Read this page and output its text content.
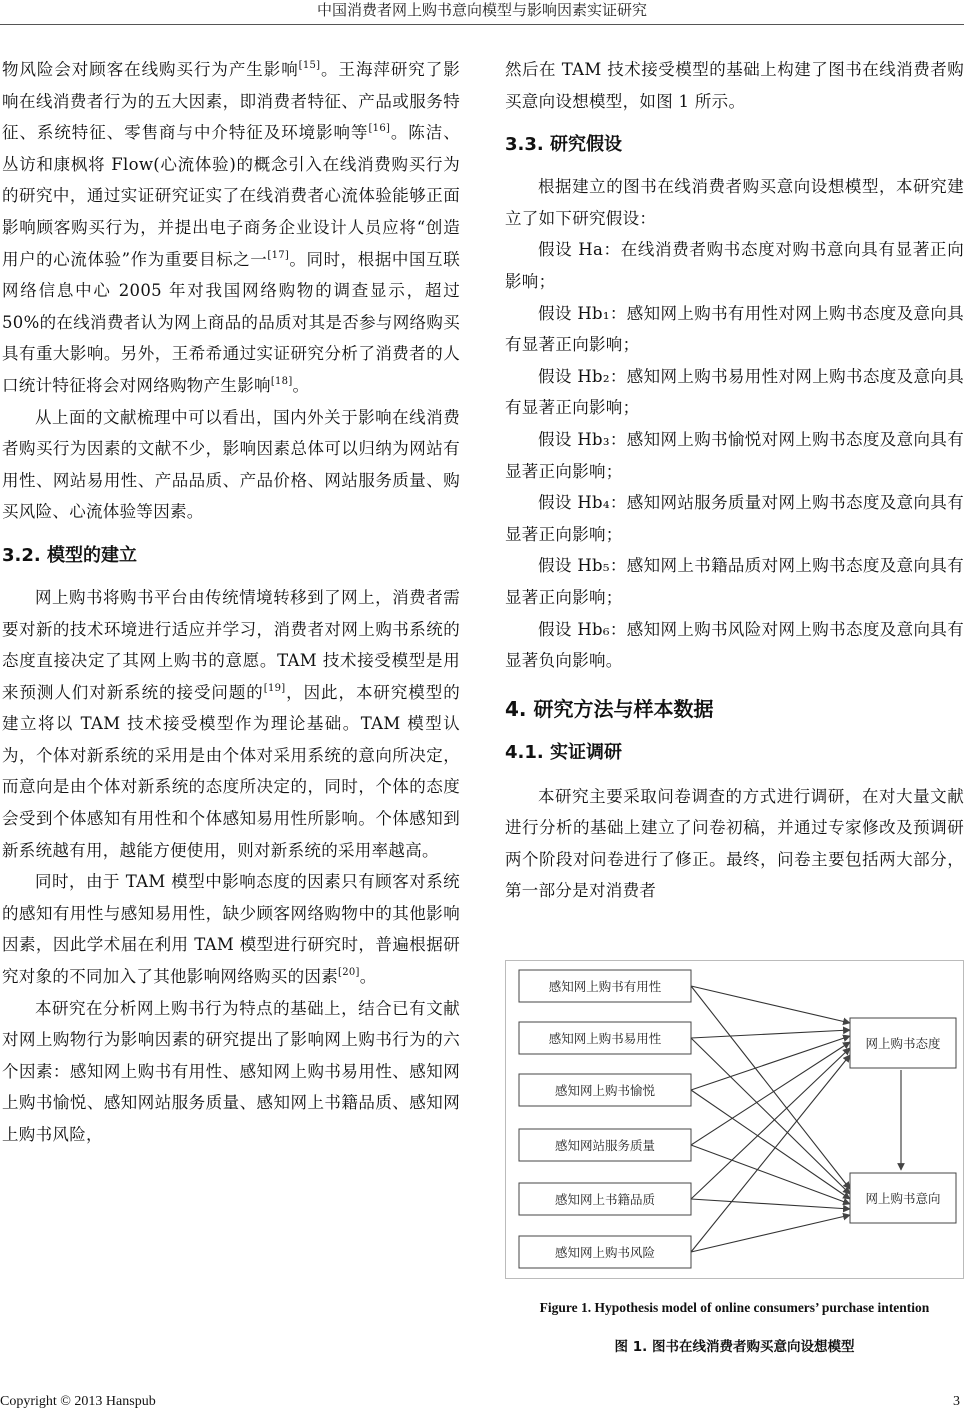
中国消费者网上购书意向模型与影响因素实证研究

物风险会对顾客在线购买行为产生影响[15]。王海萍研究了影响在线消费者行为的五大因素，即消费者特征、产品或服务特征、系统特征、零售商与中介特征及环境影响等[16]。陈洁、丛访和康枫将 Flow(心流体验)的概念引入在线消费购买行为的研究中，通过实证研究证实了在线消费者心流体验能够正面影响顾客购买行为，并提出电子商务企业设计人员应将“创造用户的心流体验”作为重要目标之一[17]。同时，根据中国互联网络信息中心 2005 年对我国网络购物的调查显示，超过 50%的在线消费者认为网上商品的品质对其是否参与网络购买具有重大影响。另外，王希希通过实证研究分析了消费者的人口统计特征将会对网络购物产生影响[18]。

从上面的文献梳理中可以看出，国内外关于影响在线消费者购买行为因素的文献不少，影响因素总体可以归纳为网站有用性、网站易用性、产品品质、产品价格、网站服务质量、购买风险、心流体验等因素。

3.2. 模型的建立

网上购书将购书平台由传统情境转移到了网上，消费者需要对新的技术环境进行适应并学习，消费者对网上购书系统的态度直接决定了其网上购书的意愿。TAM 技术接受模型是用来预测人们对新系统的接受问题的[19]，因此，本研究模型的建立将以 TAM 技术接受模型作为理论基础。TAM 模型认为，个体对新系统的采用是由个体对采用系统的意向所决定，而意向是由个体对新系统的态度所决定的，同时，个体的态度会受到个体感知有用性和个体感知易用性所影响。个体感知到新系统越有用，越能方便使用，则对新系统的采用率越高。

同时，由于 TAM 模型中影响态度的因素只有顾客对系统的感知有用性与感知易用性，缺少顾客网络购物中的其他影响因素，因此学术届在利用 TAM 模型进行研究时，普遍根据研究对象的不同加入了其他影响网络购买的因素[20]。

本研究在分析网上购书行为特点的基础上，结合已有文献对网上购物行为影响因素的研究提出了影响网上购书行为的六个因素：感知网上购书有用性、感知网上购书易用性、感知网上购书愉悦、感知网站服务质量、感知网上书籍品质、感知网上购书风险，

然后在 TAM 技术接受模型的基础上构建了图书在线消费者购买意向设想模型，如图 1 所示。

3.3. 研究假设

根据建立的图书在线消费者购买意向设想模型，本研究建立了如下研究假设：

假设 Ha：在线消费者购书态度对购书意向具有显著正向影响；

假设 Hb₁：感知网上购书有用性对网上购书态度及意向具有显著正向影响；

假设 Hb₂：感知网上购书易用性对网上购书态度及意向具有显著正向影响；

假设 Hb₃：感知网上购书愉悦对网上购书态度及意向具有显著正向影响；

假设 Hb₄：感知网站服务质量对网上购书态度及意向具有显著正向影响；

假设 Hb₅：感知网上书籍品质对网上购书态度及意向具有显著正向影响；

假设 Hb₆：感知网上购书风险对网上购书态度及意向具有显著负向影响。

4. 研究方法与样本数据
4.1. 实证调研

本研究主要采取问卷调查的方式进行调研，在对大量文献进行分析的基础上建立了问卷初稿，并通过专家修改及预调研两个阶段对问卷进行了修正。最终，问卷主要包括两大部分，第一部分是对消费者

感知网上购书有用性
感知网上购书易用性
感知网上购书愉悦
感知网站服务质量
感知网上书籍品质
感知网上购书风险
网上购书态度
网上购书意向
Figure 1. Hypothesis model of online consumers’ purchase intention
图 1. 图书在线消费者购买意向设想模型
Copyright © 2013 Hanspub	3
